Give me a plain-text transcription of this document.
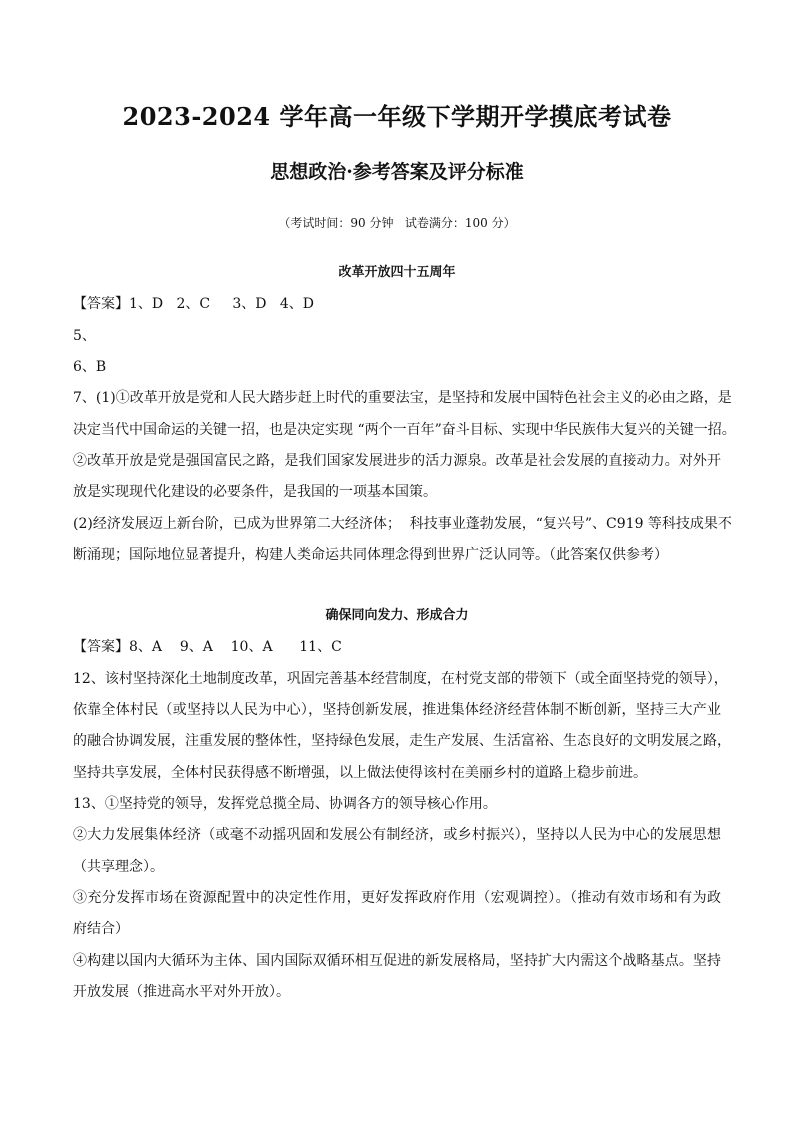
2023-2024 学年高一年级下学期开学摸底考试卷
思想政治·参考答案及评分标准
（考试时间：90 分钟   试卷满分：100 分）
改革开放四十五周年
【答案】1、D   2、C     3、D   4、D
5、
6、B
7、(1)①改革开放是党和人民大踏步赶上时代的重要法宝，是坚持和发展中国特色社会主义的必由之路，是
决定当代中国命运的关键一招，也是决定实现 “两个一百年”奋斗目标、实现中华民族伟大复兴的关键一招。
②改革开放是党是强国富民之路，是我们国家发展进步的活力源泉。改革是社会发展的直接动力。对外开
放是实现现代化建设的必要条件，是我国的一项基本国策。
(2)经济发展迈上新台阶，已成为世界第二大经济体；  科技事业蓬勃发展，“复兴号”、C919 等科技成果不
断涌现；国际地位显著提升，构建人类命运共同体理念得到世界广泛认同等。（此答案仅供参考）
确保同向发力、形成合力
【答案】8、A    9、A    10、A      11、C
12、该村坚持深化土地制度改革，巩固完善基本经营制度，在村党支部的带领下（或全面坚持党的领导），
依靠全体村民（或坚持以人民为中心），坚持创新发展，推进集体经济经营体制不断创新，坚持三大产业
的融合协调发展，注重发展的整体性，坚持绿色发展，走生产发展、生活富裕、生态良好的文明发展之路，
坚持共享发展，全体村民获得感不断增强，以上做法使得该村在美丽乡村的道路上稳步前进。
13、①坚持党的领导，发挥党总揽全局、协调各方的领导核心作用。
②大力发展集体经济（或毫不动摇巩固和发展公有制经济，或乡村振兴），坚持以人民为中心的发展思想
（共享理念）。
③充分发挥市场在资源配置中的决定性作用，更好发挥政府作用（宏观调控）。（推动有效市场和有为政
府结合）
④构建以国内大循环为主体、国内国际双循环相互促进的新发展格局，坚持扩大内需这个战略基点。坚持
开放发展（推进高水平对外开放）。
